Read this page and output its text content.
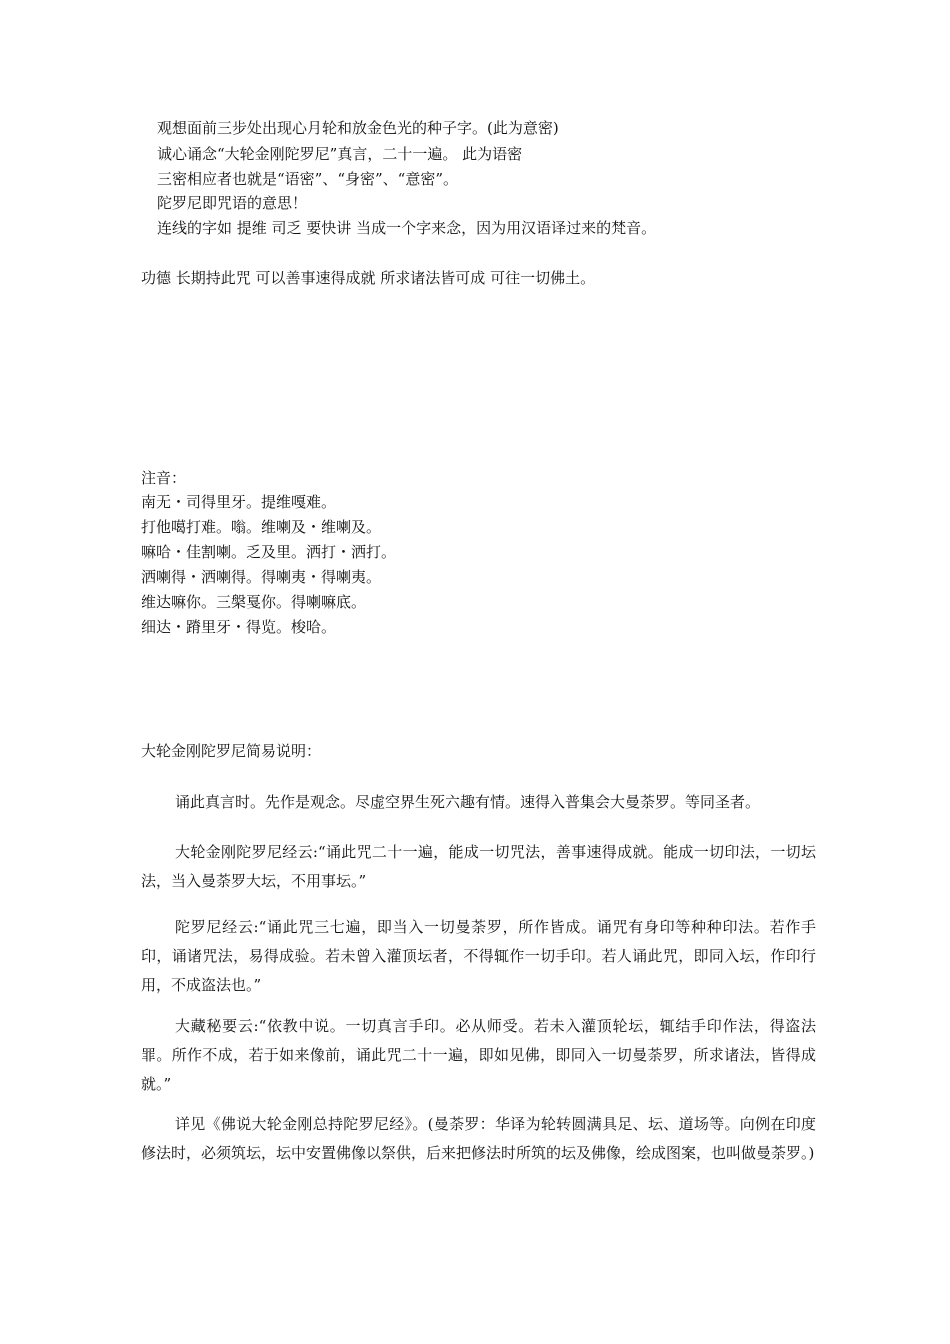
观想面前三步处出现心月轮和放金色光的种子字。(此为意密)
诚心诵念“大轮金刚陀罗尼”真言，二十一遍。 此为语密
三密相应者也就是“语密”、“身密”、“意密”。
陀罗尼即咒语的意思！
连线的字如 提维 司乏 要快讲 当成一个字来念，因为用汉语译过来的梵音。
功德 长期持此咒 可以善事速得成就 所求诸法皆可成 可往一切佛土。
注音：
南无・司得里牙。提维嘎难。
打他噶打难。嗡。维喇及・维喇及。
嘛哈・佳割喇。乏及里。洒打・洒打。
洒喇得・洒喇得。得喇夷・得喇夷。
维达嘛你。三槃戛你。得喇嘛底。
细达・蹐里牙・得览。梭哈。
大轮金刚陀罗尼简易说明：
诵此真言时。先作是观念。尽虚空界生死六趣有情。速得入普集会大曼荼罗。等同圣者。
大轮金刚陀罗尼经云:“诵此咒二十一遍，能成一切咒法，善事速得成就。能成一切印法，一切坛法，当入曼荼罗大坛，不用事坛。”
陀罗尼经云:“诵此咒三七遍，即当入一切曼荼罗，所作皆成。诵咒有身印等种种印法。若作手印，诵诸咒法，易得成验。若未曾入灌顶坛者，不得辄作一切手印。若人诵此咒，即同入坛，作印行用，不成盗法也。”
大藏秘要云:“依教中说。一切真言手印。必从师受。若未入灌顶轮坛，辄结手印作法，得盗法罪。所作不成，若于如来像前，诵此咒二十一遍，即如见佛，即同入一切曼荼罗，所求诸法，皆得成就。”
详见《佛说大轮金刚总持陀罗尼经》。(曼荼罗：华译为轮转圆满具足、坛、道场等。向例在印度修法时，必须筑坛，坛中安置佛像以祭供，后来把修法时所筑的坛及佛像，绘成图案，也叫做曼荼罗。)
